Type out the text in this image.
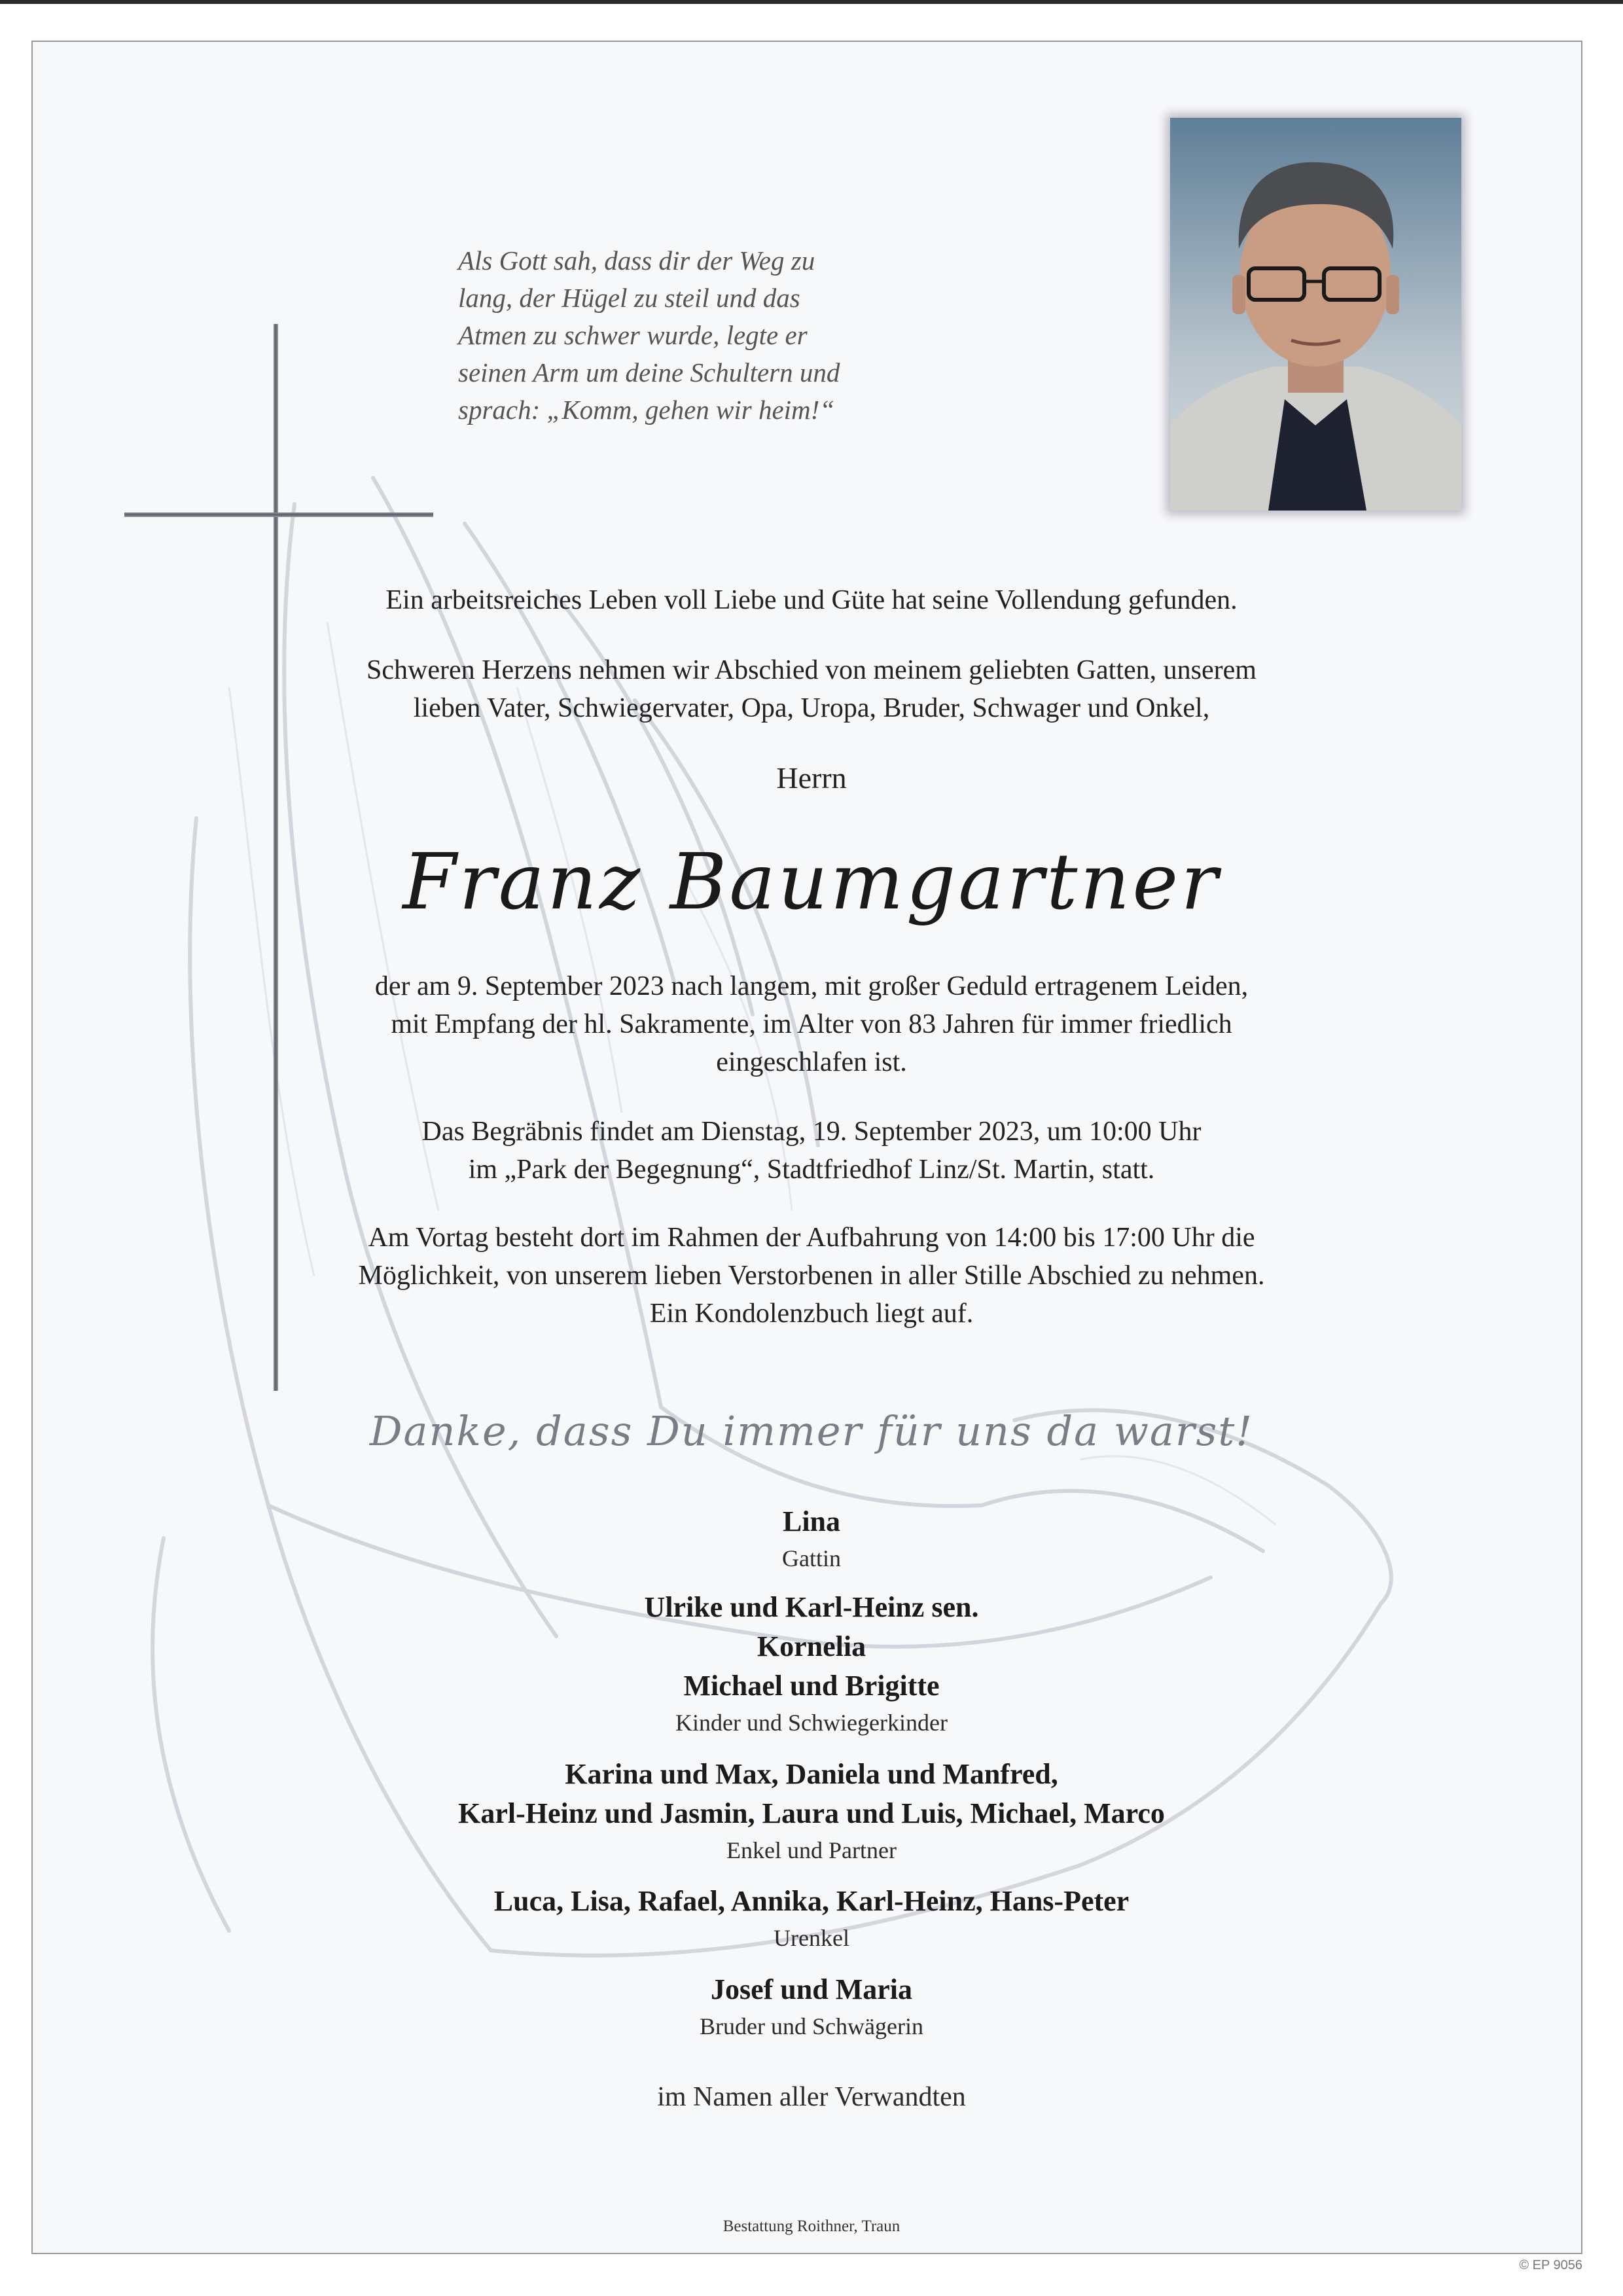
Als Gott sah, dass dir der Weg zu
lang, der Hügel zu steil und das
Atmen zu schwer wurde, legte er
seinen Arm um deine Schultern und
sprach: „Komm, gehen wir heim!“
Ein arbeitsreiches Leben voll Liebe und Güte hat seine Vollendung gefunden.
Schweren Herzens nehmen wir Abschied von meinem geliebten Gatten, unserem
lieben Vater, Schwiegervater, Opa, Uropa, Bruder, Schwager und Onkel,
Herrn
Franz Baumgartner
der am 9. September 2023 nach langem, mit großer Geduld ertragenem Leiden,
mit Empfang der hl. Sakramente, im Alter von 83 Jahren für immer friedlich
eingeschlafen ist.
Das Begräbnis findet am Dienstag, 19. September 2023, um 10:00 Uhr
im „Park der Begegnung“, Stadtfriedhof Linz/St. Martin, statt.
Am Vortag besteht dort im Rahmen der Aufbahrung von 14:00 bis 17:00 Uhr die
Möglichkeit, von unserem lieben Verstorbenen in aller Stille Abschied zu nehmen.
Ein Kondolenzbuch liegt auf.
Danke, dass Du immer für uns da warst!
Lina
Gattin
Ulrike und Karl-Heinz sen.
Kornelia
Michael und Brigitte
Kinder und Schwiegerkinder
Karina und Max, Daniela und Manfred,
Karl-Heinz und Jasmin, Laura und Luis, Michael, Marco
Enkel und Partner
Luca, Lisa, Rafael, Annika, Karl-Heinz, Hans-Peter
Urenkel
Josef und Maria
Bruder und Schwägerin
im Namen aller Verwandten
Bestattung Roithner, Traun
© EP 9056
